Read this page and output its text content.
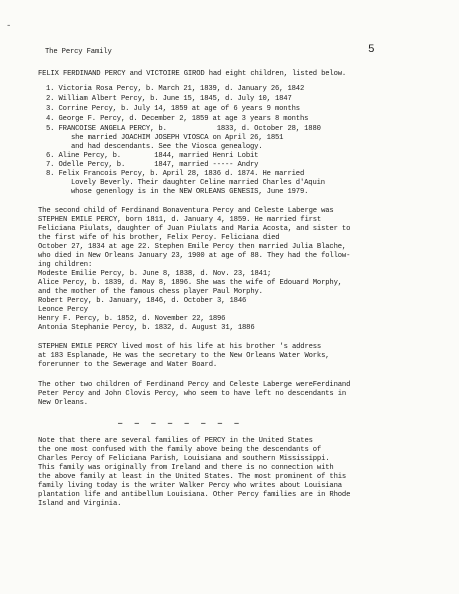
-
The Percy Family	5
FELIX FERDINAND PERCY and VICTOIRE GIROD had eight children, listed below.
1. Victoria Rosa Percy, b. March 21, 1839, d. January 26, 1842
2. William Albert Percy, b. June 15, 1845, d. July 10, 1847
3. Corrine Percy, b. July 14, 1859 at age of 6 years 9 months
4. George F. Percy, d. December 2, 1859 at age 3 years 8 months
5. FRANCOISE ANGELA PERCY, b.            1833, d. October 28, 1880
she married JOACHIM JOSEPH VIOSCA on April 26, 1851
and had descendants. See the Viosca genealogy.
6. Aline Percy, b.        1844, married Henri Lobit
7. Odelle Percy, b.       1847, married ----- Andry
8. Felix Francois Percy, b. April 28, 1836 d. 1874. He married
Lovely Beverly. Their daughter Celine married Charles d'Aquin
whose genenlogy is in the NEW ORLEANS GENESIS, June 1979.
The second child of Ferdinand Bonaventura Percy and Celeste Laberge was
STEPHEN EMILE PERCY, born 1811, d. January 4, 1859. He married first
Feliciana Piulats, daughter of Juan Piulats and Maria Acosta, and sister to
the first wife of his brother, Felix Percy. Feliciana died
October 27, 1834 at age 22. Stephen Emile Percy then married Julia Blache,
who died in New Orleans January 23, 1900 at age of 88. They had the follow-
ing children:
Modeste Emilie Percy, b. June 8, 1838, d. Nov. 23, 1841;
Alice Percy, b. 1839, d. May 8, 1896. She was the wife of Edouard Morphy,
and the mother of the famous chess player Paul Morphy.
Robert Percy, b. January, 1846, d. October 3, 1846
Leonce Percy
Henry F. Percy, b. 1852, d. November 22, 1896
Antonia Stephanie Percy, b. 1832, d. August 31, 1886
STEPHEN EMILE PERCY lived most of his life at his brother 's address
at 183 Esplanade, He was the secretary to the New Orleans Water Works,
forerunner to the Sewerage and Water Board.
The other two children of Ferdinand Percy and Celeste Laberge wereFerdinand
Peter Percy and John Clovis Percy, who seem to have left no descendants in
New Orleans.
— — — — — — — —
Note that there are several families of PERCY in the United States
the one most confused with the family above being the descendants of
Charles Percy of Feliciana Parish, Louisiana and southern Mississippi.
This family was originally from Ireland and there is no connection with
the above family at least in the United States. The most prominent of this
family living today is the writer Walker Percy who writes about Louisiana
plantation life and antibellum Louisiana. Other Percy families are in Rhode
Island and Virginia.
